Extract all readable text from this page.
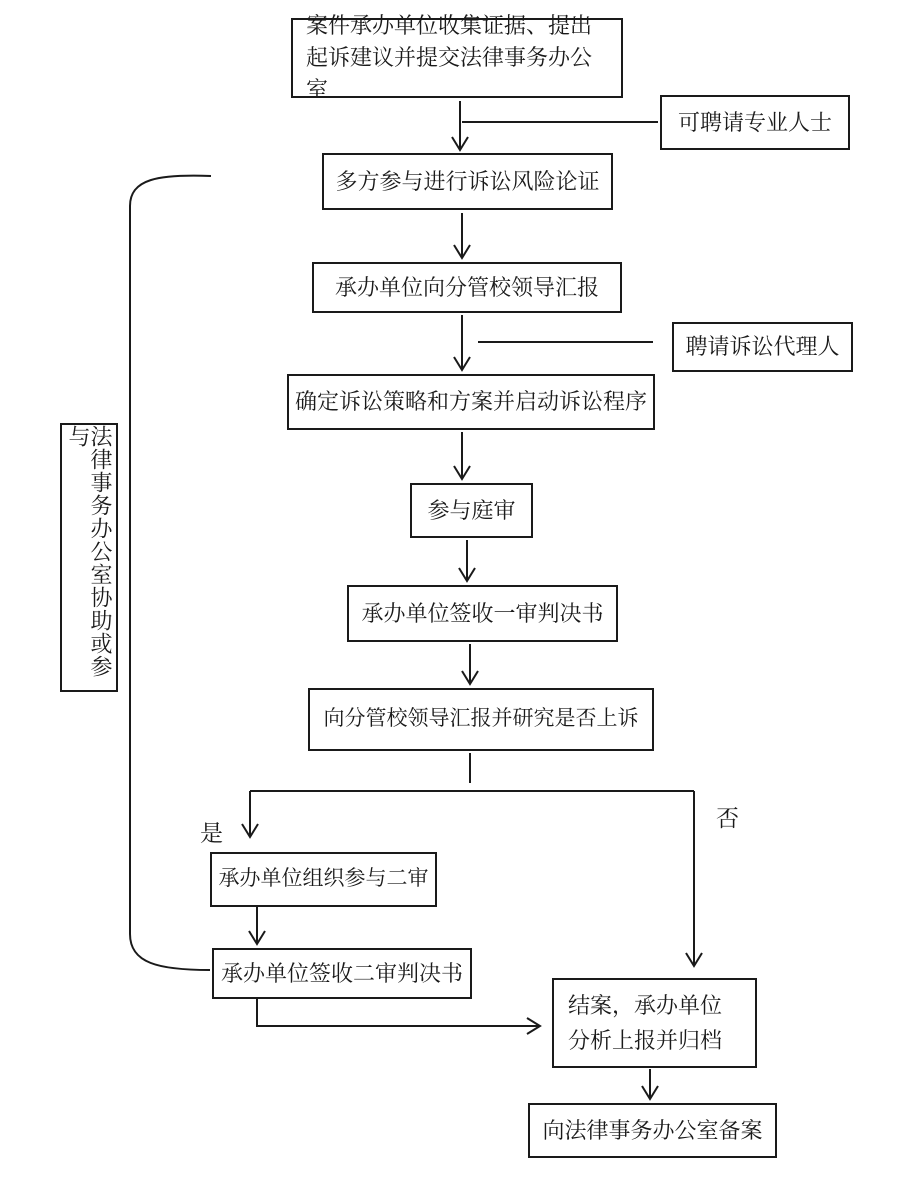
案件承办单位收集证据、提出起诉建议并提交法律事务办公室
可聘请专业人士
多方参与进行诉讼风险论证
承办单位向分管校领导汇报
聘请诉讼代理人
确定诉讼策略和方案并启动诉讼程序
参与庭审
承办单位签收一审判决书
向分管校领导汇报并研究是否上诉
是
否
承办单位组织参与二审
承办单位签收二审判决书
结案，承办单位分析上报并归档
向法律事务办公室备案
法律事务办公室协助或参与
